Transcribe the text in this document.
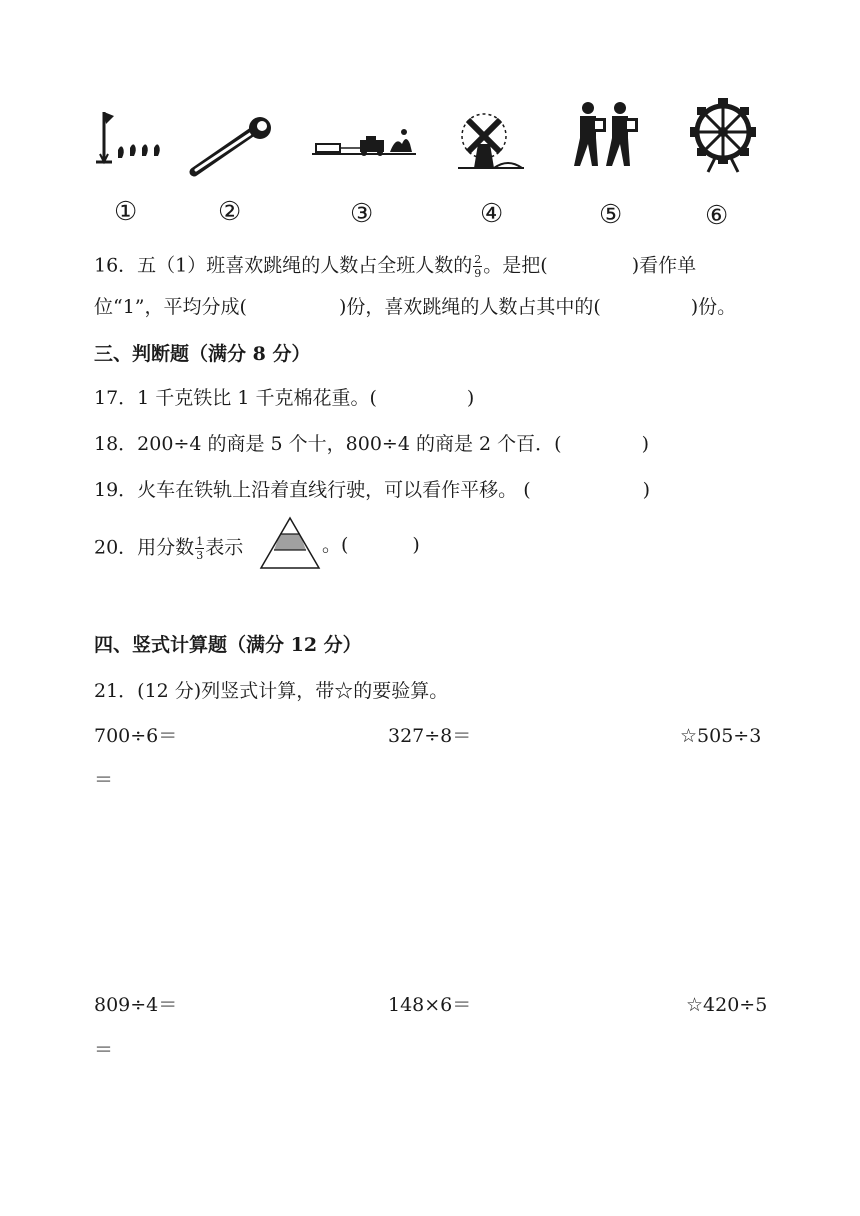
①	②	③	④	⑤	⑥
16．五（1）班喜欢跳绳的人数占全班人数的 $\frac{2}{9}$ 。是把(	)看作单
位“1”，平均分成(	)份，喜欢跳绳的人数占其中的(	)份。
三、判断题（满分 8 分）
17．1 千克铁比 1 千克棉花重。(	)
18．200÷4 的商是 5 个十，800÷4 的商是 2 个百．(	)
19．火车在铁轨上沿着直线行驶，可以看作平移。 (	)
20．用分数 $\frac{1}{3}$ 表示	。(	)
四、竖式计算题（满分 12 分）
21．(12 分)列竖式计算，带☆的要验算。
700÷6＝	327÷8＝	☆505÷3
＝
809÷4＝	148×6＝	☆420÷5
＝
